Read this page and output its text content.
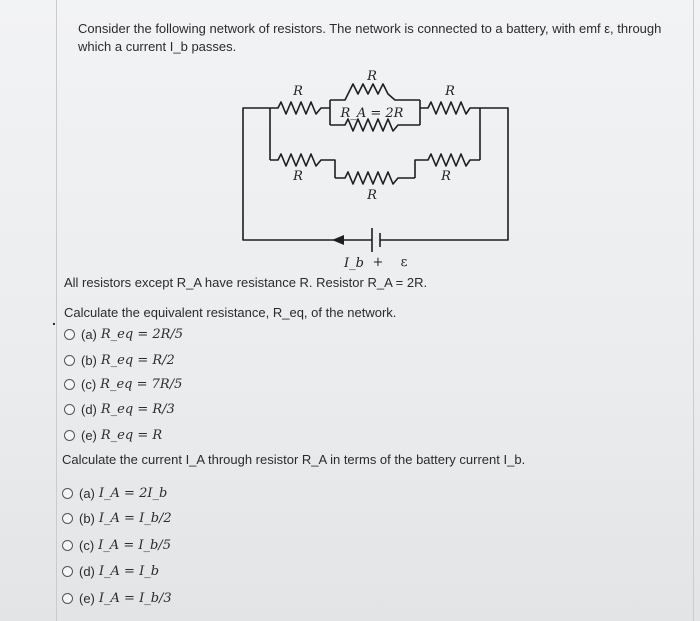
Consider the following network of resistors. The network is connected to a battery, with emf ε, through which a current I_b passes.
R
R
R
R_A = 2R
R	R
R
I_b + ε
All resistors except R_A have resistance R. Resistor R_A = 2R.
. Calculate the equivalent resistance, R_eq, of the network.
(a) R_eq = 2R/5
(b) R_eq = R/2
(c) R_eq = 7R/5
(d) R_eq = R/3
(e) R_eq = R
Calculate the current I_A through resistor R_A in terms of the battery current I_b.
(a) I_A = 2I_b
(b) I_A = I_b/2
(c) I_A = I_b/5
(d) I_A = I_b
(e) I_A = I_b/3
